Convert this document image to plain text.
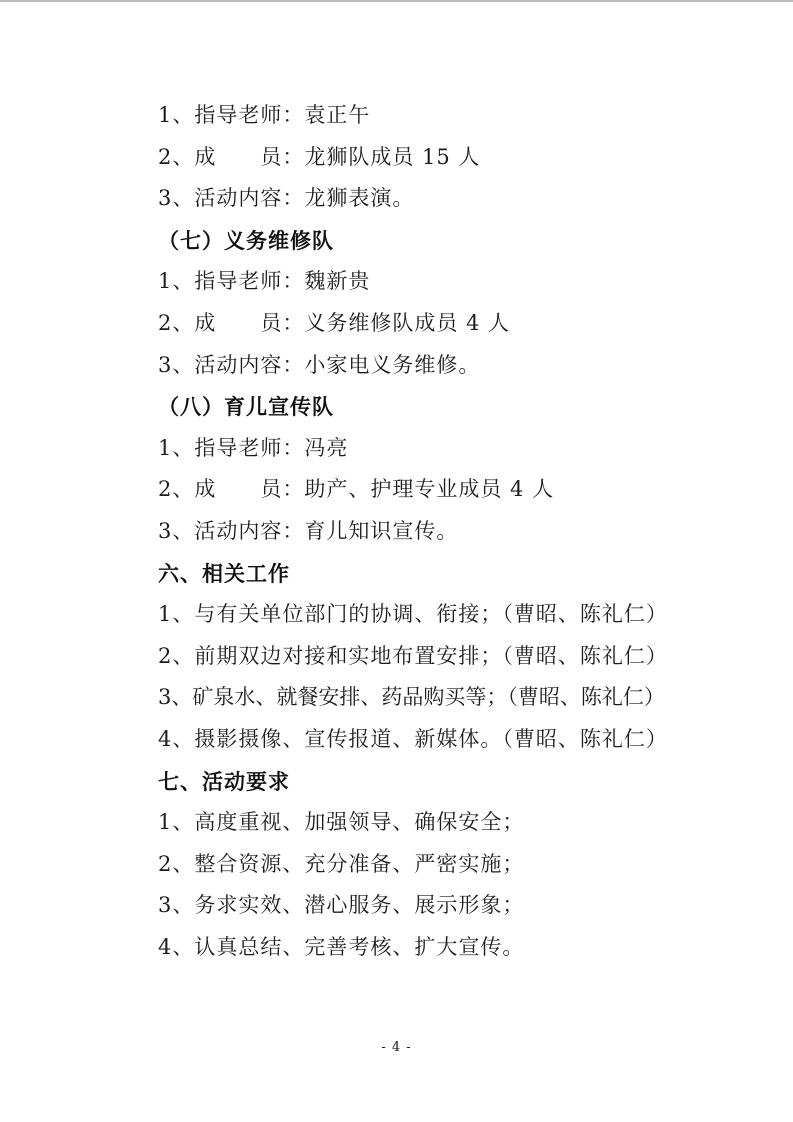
1、指导老师：袁正午

2、成　　员：龙狮队成员 15 人

3、活动内容：龙狮表演。

（七）义务维修队

1、指导老师：魏新贵

2、成　　员：义务维修队成员 4 人

3、活动内容：小家电义务维修。

（八）育儿宣传队

1、指导老师：冯亮

2、成　　员：助产、护理专业成员 4 人

3、活动内容：育儿知识宣传。

六、相关工作

1、与有关单位部门的协调、衔接；（曹昭、陈礼仁）

2、前期双边对接和实地布置安排；（曹昭、陈礼仁）

3、矿泉水、就餐安排、药品购买等；（曹昭、陈礼仁）

4、摄影摄像、宣传报道、新媒体。（曹昭、陈礼仁）

七、活动要求

1、高度重视、加强领导、确保安全；

2、整合资源、充分准备、严密实施；

3、务求实效、潜心服务、展示形象；

4、认真总结、完善考核、扩大宣传。

- 4 -
